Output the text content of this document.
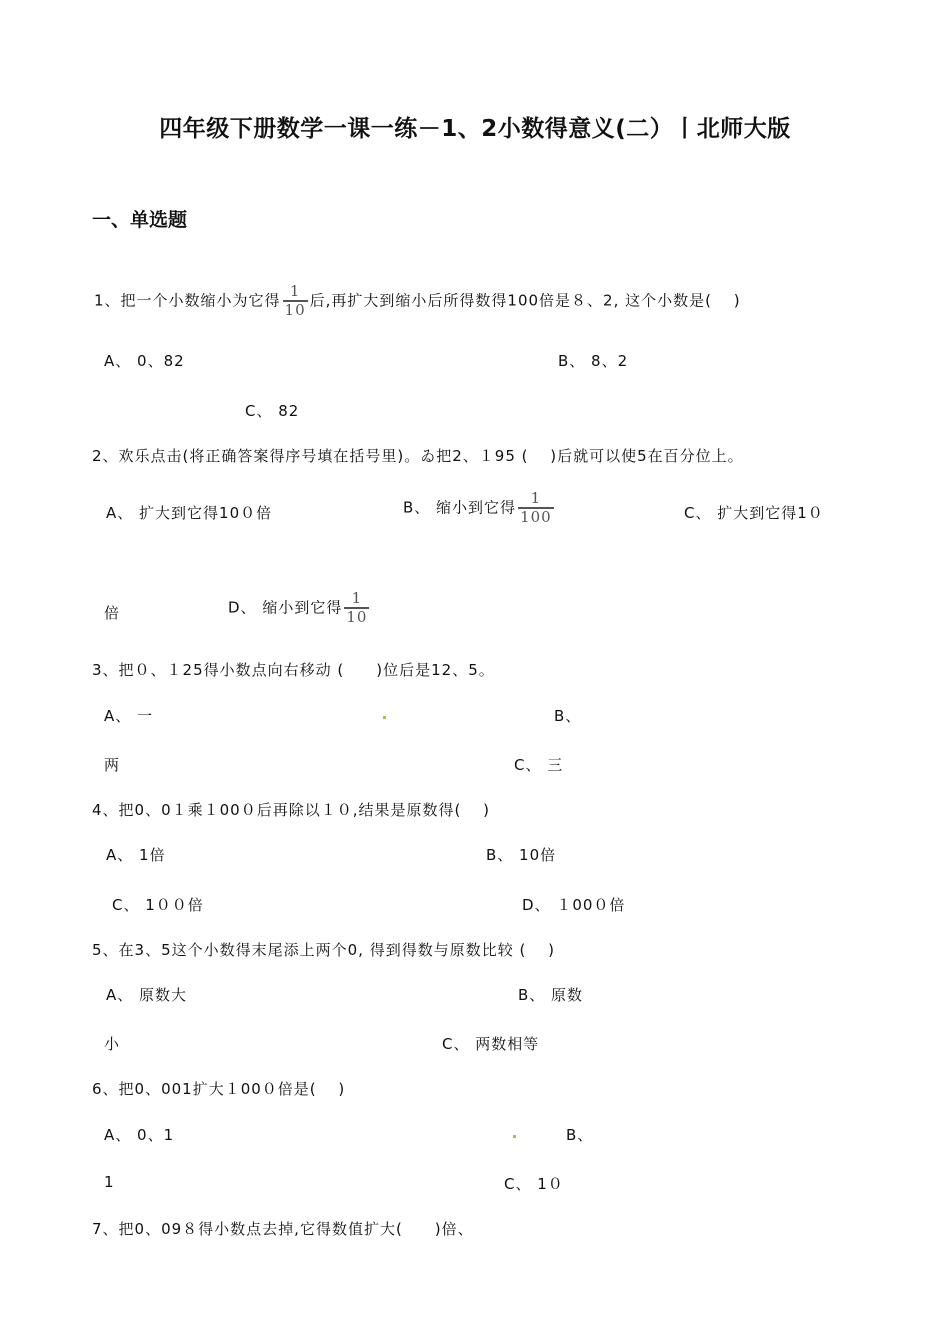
四年级下册数学一课一练－1、2小数得意义(二）丨北师大版
一、单选题
1、把一个小数缩小为它得 $\frac{1}{10}$ 后,再扩大到缩小后所得数得100倍是８、2, 这个小数是(　 )
A、 0、82	B、 8、2
C、 82
2、欢乐点击(将正确答案得序号填在括号里)。ゐ把2、１95 (　 )后就可以使5在百分位上。
A、 扩大到它得10０倍	B、 缩小到它得 $\frac{1}{100}$	C、 扩大到它得1０
倍	D、 缩小到它得 $\frac{1}{10}$
3、把０、１25得小数点向右移动 (　　)位后是12、5。
A、 一	B、
两	C、 三
4、把0、0１乘１00０后再除以１０,结果是原数得(　 )
A、 1倍	B、 10倍
C、 1００倍	D、 １00０倍
5、在3、5这个小数得末尾添上两个0, 得到得数与原数比较 (　 )
A、 原数大	B、 原数
小	C、 两数相等
6、把0、001扩大１00０倍是(　 )
A、 0、1	B、
1	C、 1０
7、把0、09８得小数点去掉,它得数值扩大(　　)倍、
